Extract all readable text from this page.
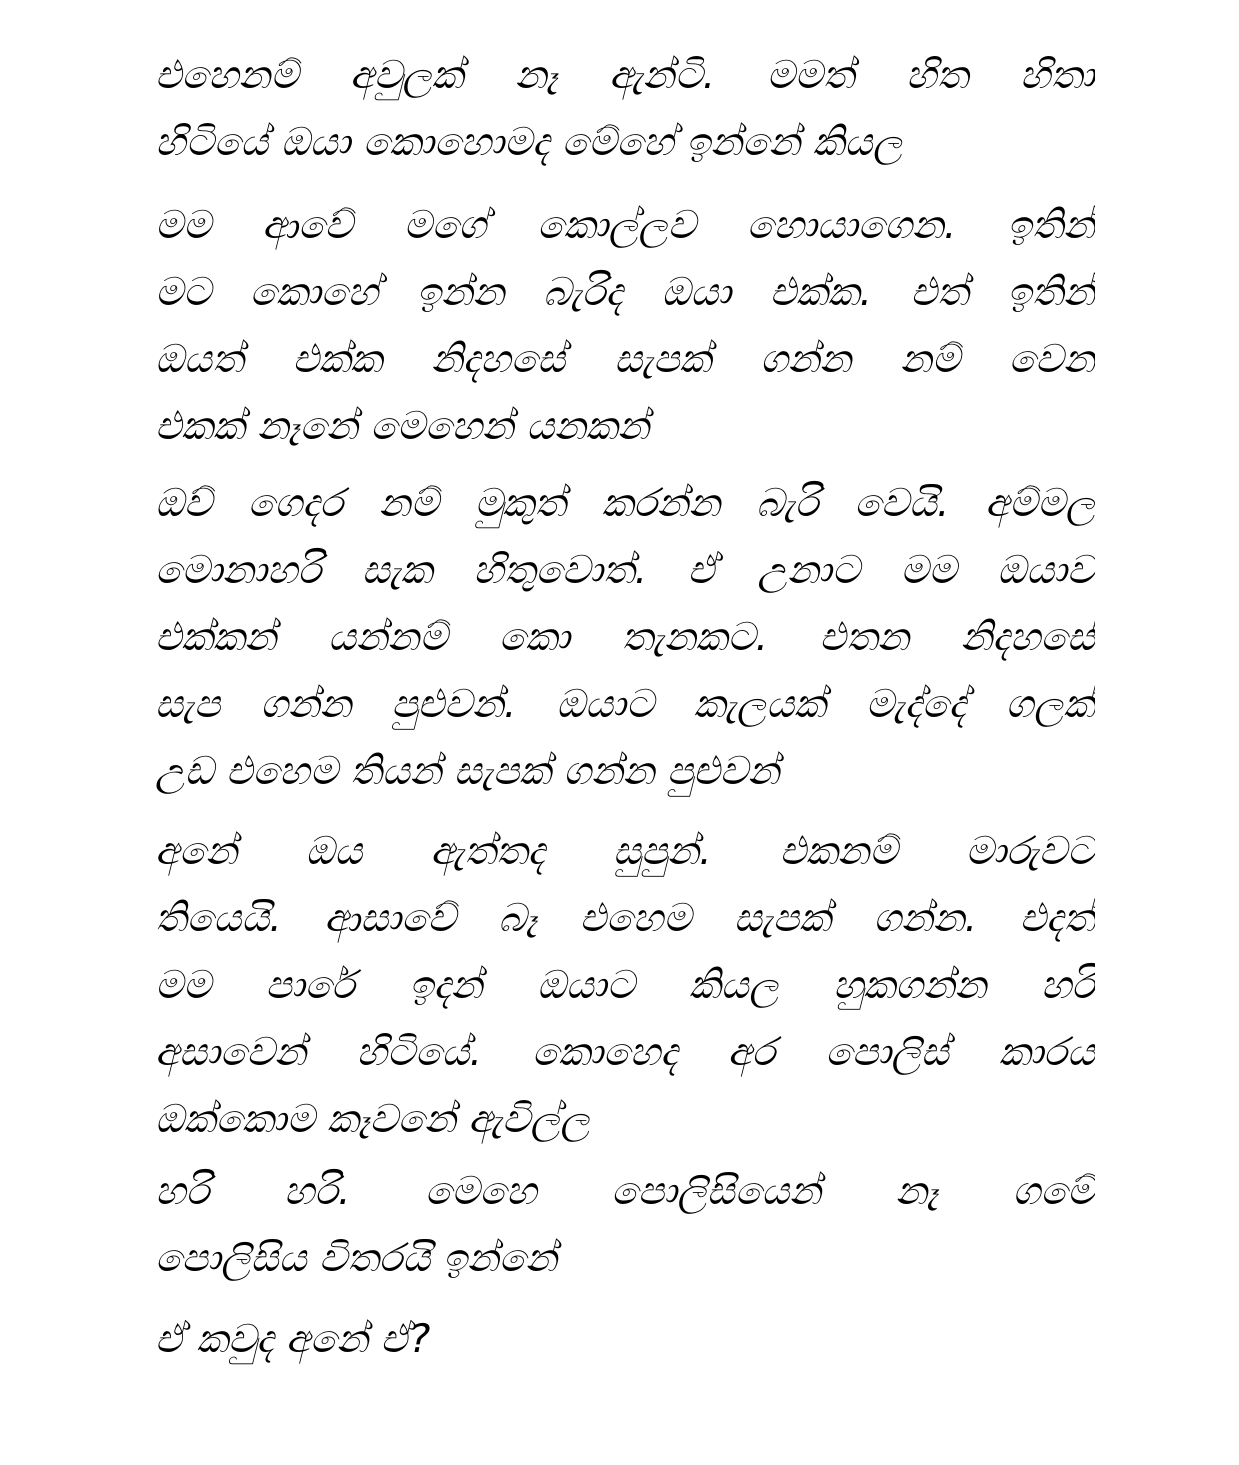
එහෙනම් අවුලක් නෑ ඇන්ටි. මමත් හිත හිතා
හිටියේ ඔයා කොහොමද මේහේ ඉන්නේ කියල
මම ආවේ මගේ කොල්ලව හොයාගෙන. ඉතින්
මට කොහේ ඉන්න බැරිද ඔයා එක්ක. එත් ඉතින්
ඔයත් එක්ක නිදහසේ සැපක් ගන්න නම් වෙන
එකක් නෑනේ මෙහෙන් යනකන්
ඔව් ගෙදර නම් මුකුත් කරන්න බැරි වෙයි. අම්මල
මොනාහරි සැක හිතුවොත්. ඒ උනාට මම ඔයාව
එක්කන් යන්නම් කො තැනකට. එතන නිදහසේ
සැප ගන්න පුළුවන්. ඔයාට කැලයක් මැද්දේ ගලක්
උඩ එහෙම තියන් සැපක් ගන්න පුළුවන්
අනේ ඔය ඇත්තද සුපුන්. එකනම් මාරුවට
තියෙයි. ආසාවේ බෑ එහෙම සැපක් ගන්න. එදත්
මම පාරේ ඉදන් ඔයාට කියල හුකගන්න හරි
අසාවෙන් හිටියේ. කොහෙද අර පොලිස් කාරය
ඔක්කොම කෑවනේ ඇවිල්ල
හරි හරි. මෙහෙ පොලිසියෙන් නෑ ගමේ
පොලිසිය විතරයි ඉන්නේ
ඒ කවුද අනේ ඒ?
